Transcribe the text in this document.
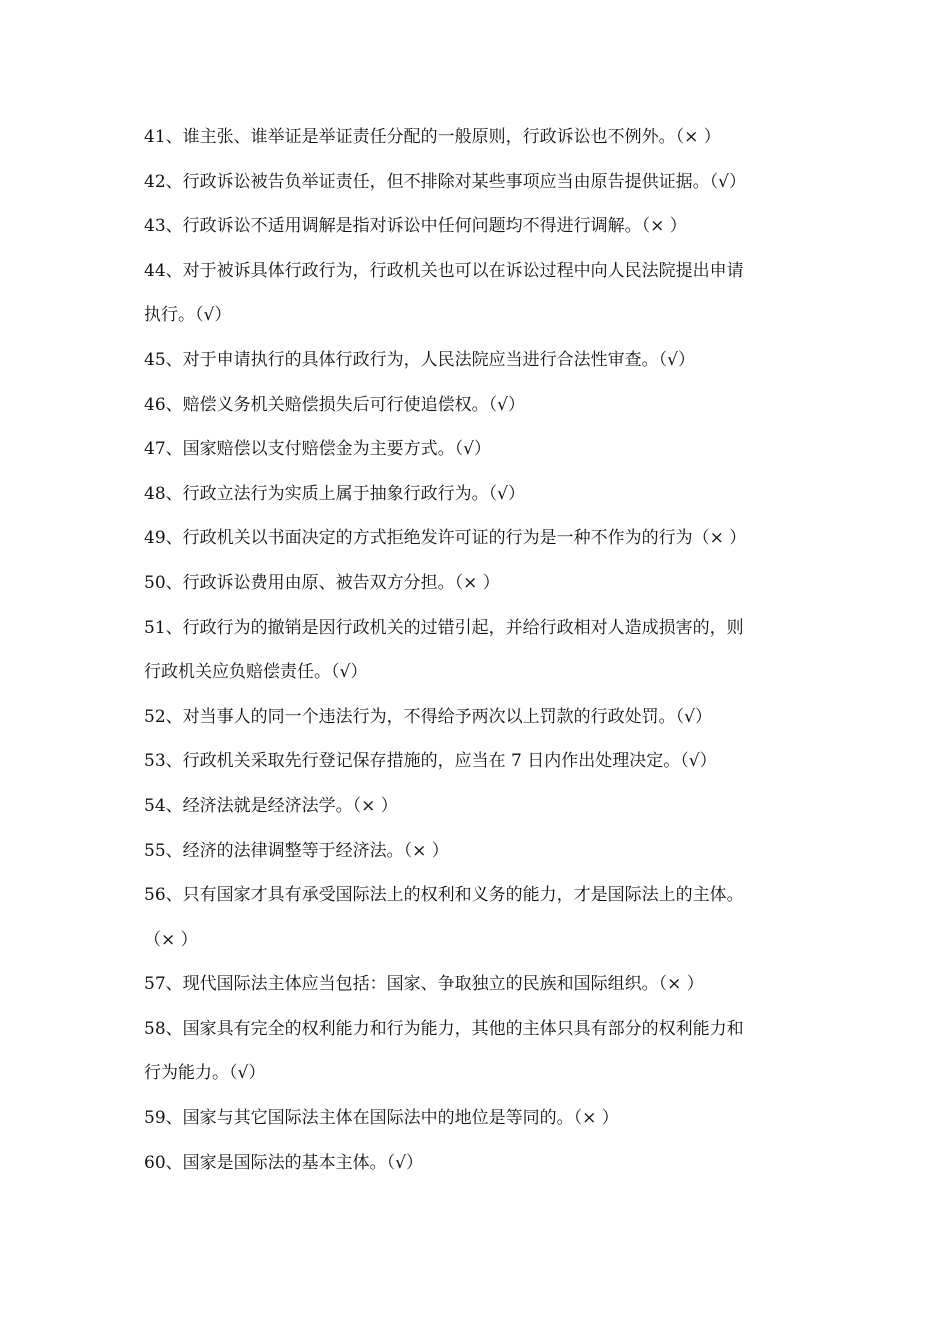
41、谁主张、谁举证是举证责任分配的一般原则，行政诉讼也不例外。（× ）
42、行政诉讼被告负举证责任，但不排除对某些事项应当由原告提供证据。（√）
43、行政诉讼不适用调解是指对诉讼中任何问题均不得进行调解。（× ）
44、对于被诉具体行政行为，行政机关也可以在诉讼过程中向人民法院提出申请
执行。（√）
45、对于申请执行的具体行政行为，人民法院应当进行合法性审查。（√）
46、赔偿义务机关赔偿损失后可行使追偿权。（√）
47、国家赔偿以支付赔偿金为主要方式。（√）
48、行政立法行为实质上属于抽象行政行为。（√）
49、行政机关以书面决定的方式拒绝发许可证的行为是一种不作为的行为（× ）
50、行政诉讼费用由原、被告双方分担。（× ）
51、行政行为的撤销是因行政机关的过错引起，并给行政相对人造成损害的，则
行政机关应负赔偿责任。（√）
52、对当事人的同一个违法行为，不得给予两次以上罚款的行政处罚。（√）
53、行政机关采取先行登记保存措施的，应当在 7 日内作出处理决定。（√）
54、经济法就是经济法学。（× ）
55、经济的法律调整等于经济法。（× ）
56、只有国家才具有承受国际法上的权利和义务的能力，才是国际法上的主体。
（× ）
57、现代国际法主体应当包括：国家、争取独立的民族和国际组织。（× ）
58、国家具有完全的权利能力和行为能力，其他的主体只具有部分的权利能力和
行为能力。（√）
59、国家与其它国际法主体在国际法中的地位是等同的。（× ）
60、国家是国际法的基本主体。（√）
